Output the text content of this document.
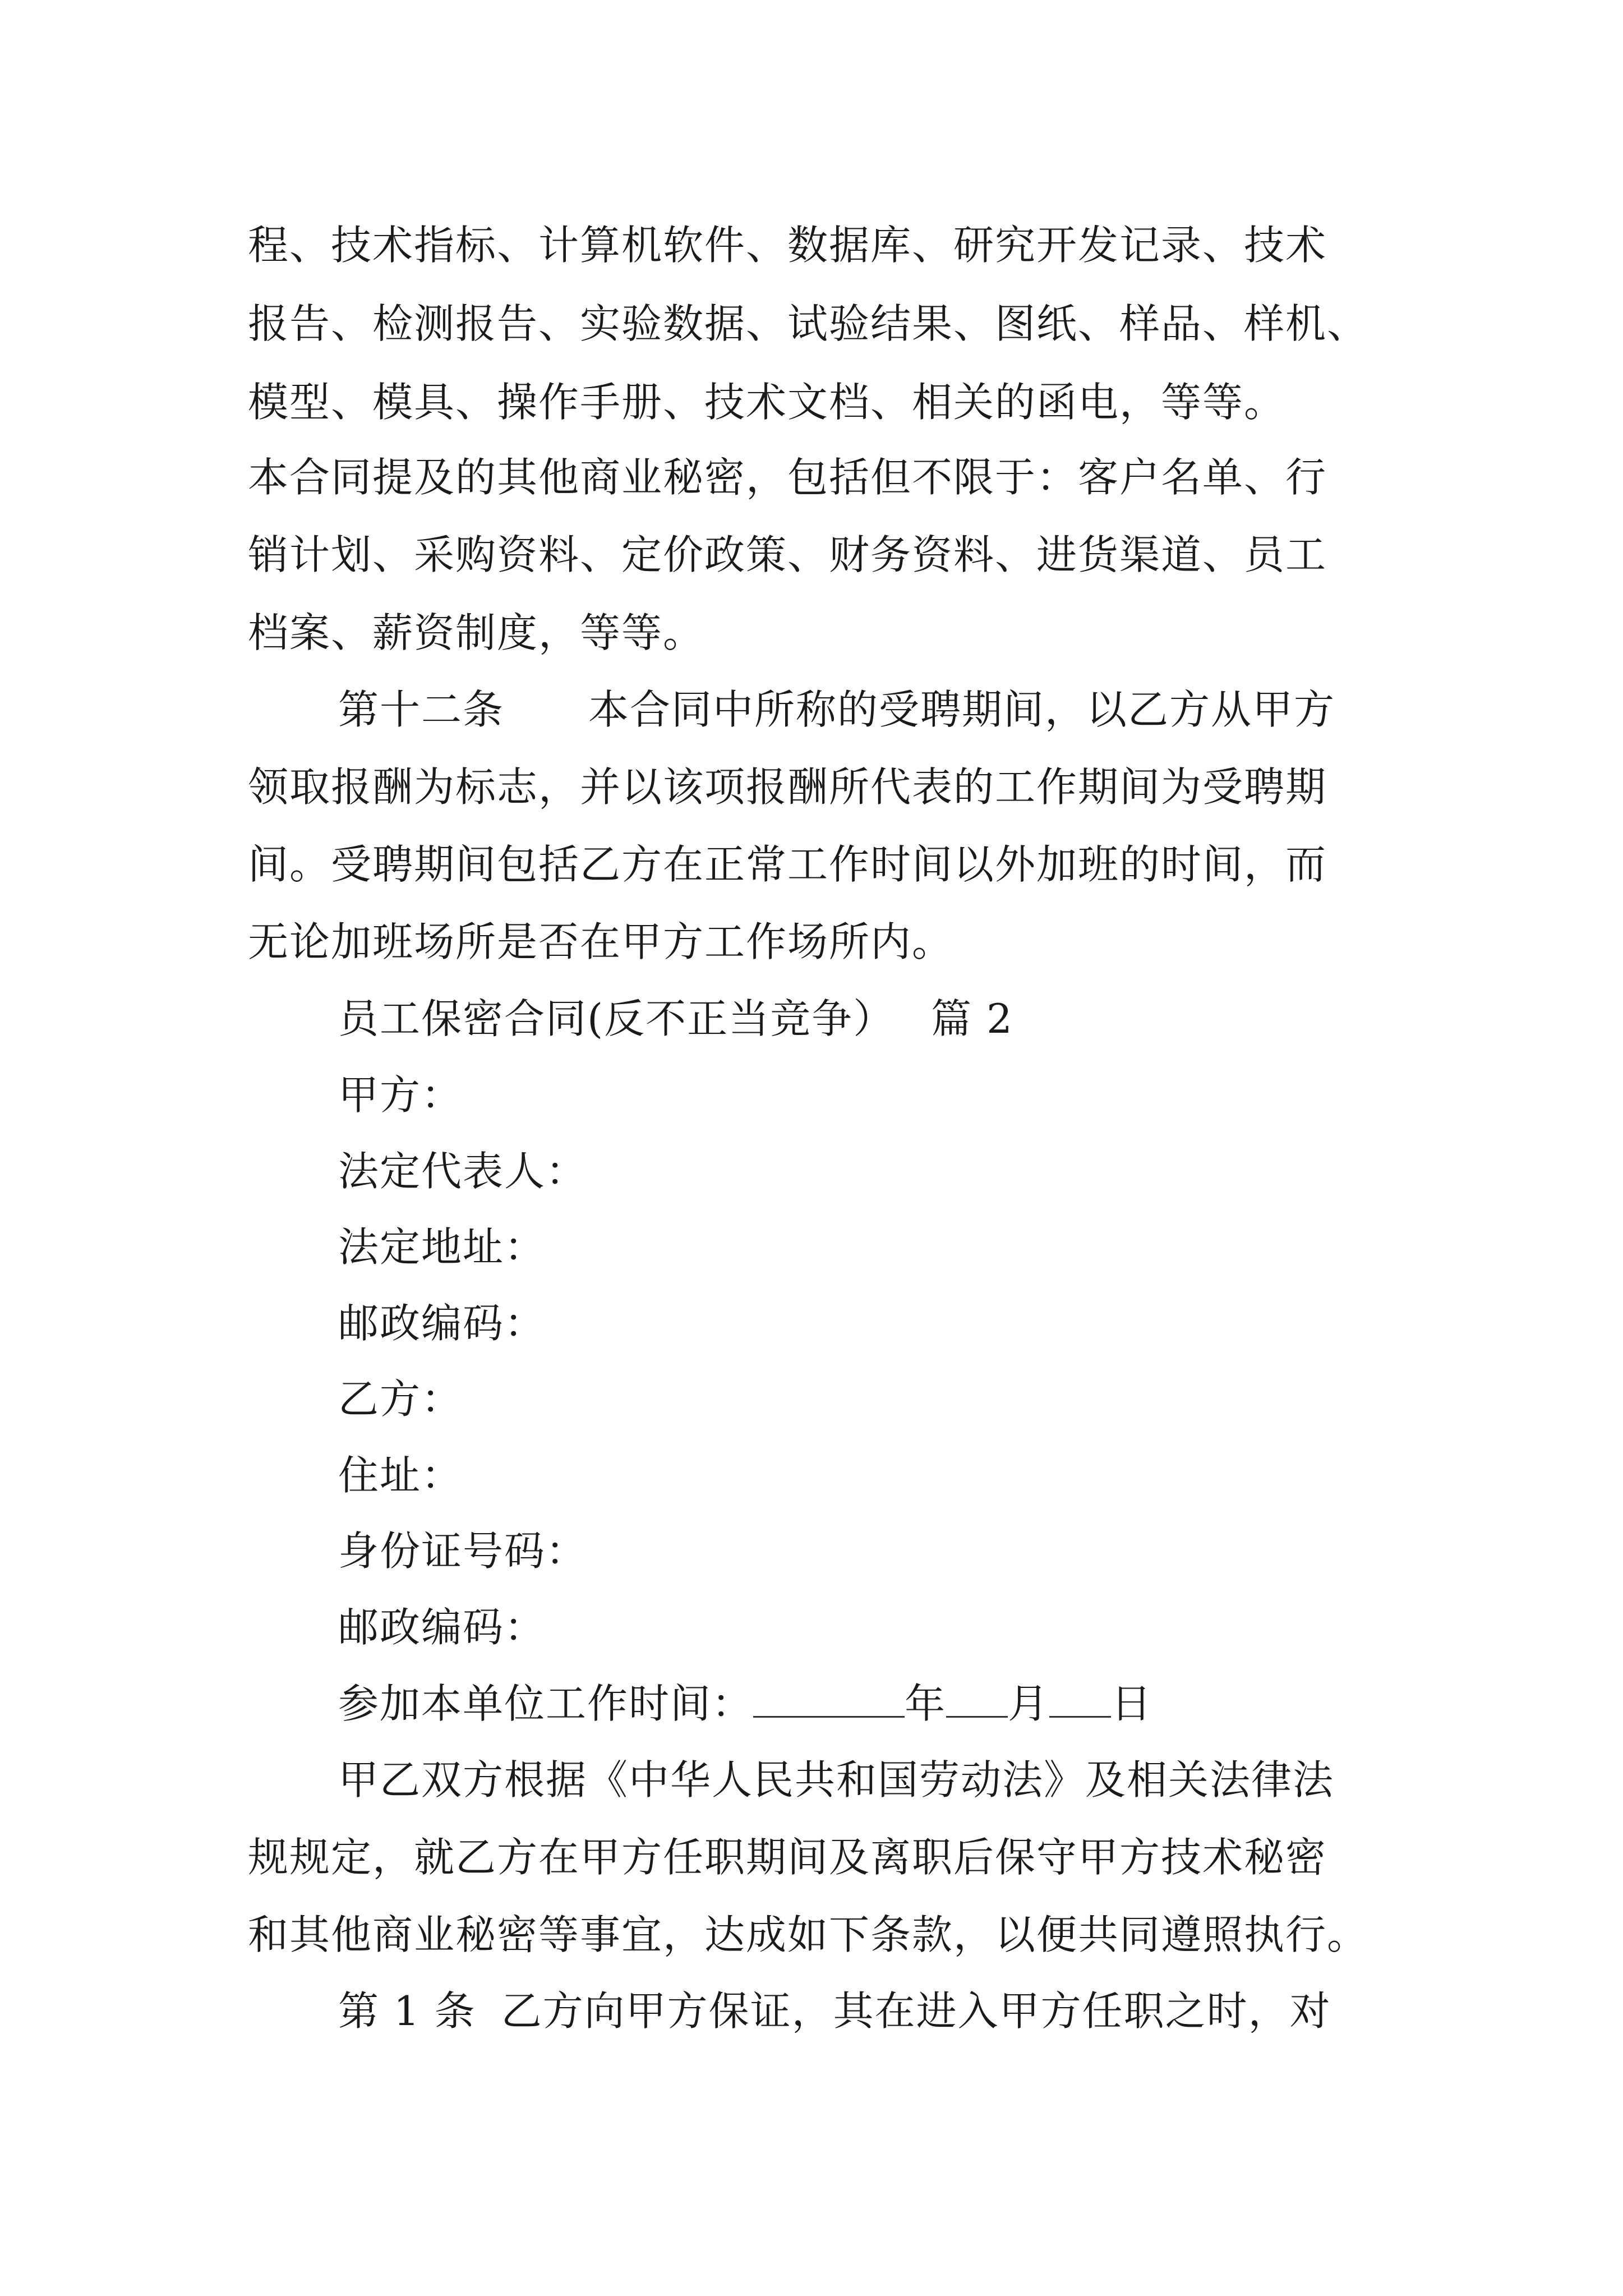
程、技术指标、计算机软件、数据库、研究开发记录、技术
报告、检测报告、实验数据、试验结果、图纸、样品、样机、
模型、模具、操作手册、技术文档、相关的函电，等等。
本合同提及的其他商业秘密，包括但不限于：客户名单、行
销计划、采购资料、定价政策、财务资料、进货渠道、员工
档案、薪资制度，等等。
第十二条 本合同中所称的受聘期间，以乙方从甲方
领取报酬为标志，并以该项报酬所代表的工作期间为受聘期
间。受聘期间包括乙方在正常工作时间以外加班的时间，而
无论加班场所是否在甲方工作场所内。
员工保密合同(反不正当竞争） 篇 2
甲方：
法定代表人：
法定地址：
邮政编码：
乙方：
住址：
身份证号码：
邮政编码：
参加本单位工作时间：	年 月 日
甲乙双方根据《中华人民共和国劳动法》及相关法律法
规规定，就乙方在甲方任职期间及离职后保守甲方技术秘密
和其他商业秘密等事宜，达成如下条款，以便共同遵照执行。
第 1 条 乙方向甲方保证，其在进入甲方任职之时，对
